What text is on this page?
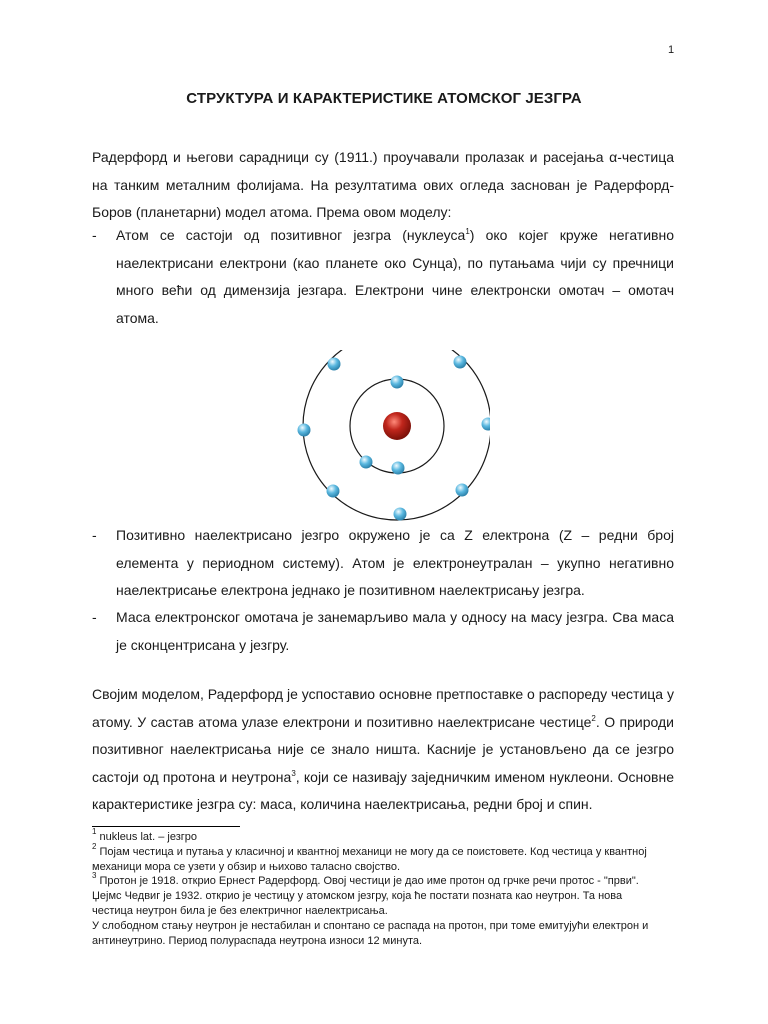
1
СТРУКТУРА И КАРАКТЕРИСТИКЕ АТОМСКОГ ЈЕЗГРА

Радерфорд и његови сарадници су (1911.) проучавали пролазак и расејања α-честица на танким металним фолијама. На резултатима ових огледа заснован је Радерфорд-Боров (планетарни) модел атома. Према овом моделу:

- Атом се састоји од позитивног језгра (нуклеуса$^1$) око којег круже негативно наелектрисани електрони (као планете око Сунца), по путањама чији су пречници много већи од димензија језгара. Електрони чине електронски омотач – омотач атома.
- Позитивно наелектрисано језгро окружено је са Z електрона (Z – редни број елемента у периодном систему). Атом је електронеутралан – укупно негативно наелектрисање електрона једнако је позитивном наелектрисању језгра.
- Маса електронског омотача је занемарљиво мала у односу на масу језгра. Сва маса је сконцентрисана у језгру.

Својим моделом, Радерфорд је успоставио основне претпоставке о распореду честица у атому. У састав атома улазе електрони и позитивно наелектрисане честице$^2$. О природи позитивног наелектрисања није се знало ништа. Касније је установљено да се језгро састоји од протона и неутрона$^3$, који се називају заједничким именом нуклеони. Основне карактеристике језгра су: маса, количина наелектрисања, редни број и спин.

$^1$ nukleus lat. – језгро

$^2$ Појам честица и путања у класичној и квантној механици не могу да се поистовете. Код честица у квантној механици мора се узети у обзир и њихово таласно својство.

$^3$ Протон је 1918. открио Ернест Радерфорд. Овој честици је дао име протон од грчке речи протос - "први". Џејмс Чедвиг је 1932. открио је честицу у атомском језгру, која ће постати позната као неутрон. Та нова честица неутрон била је без електричног наелектрисања.

У слободном стању неутрон је нестабилан и спонтано се распада на протон, при томе емитујући електрон и антинеутрино. Период полураспада неутрона износи 12 минута.
